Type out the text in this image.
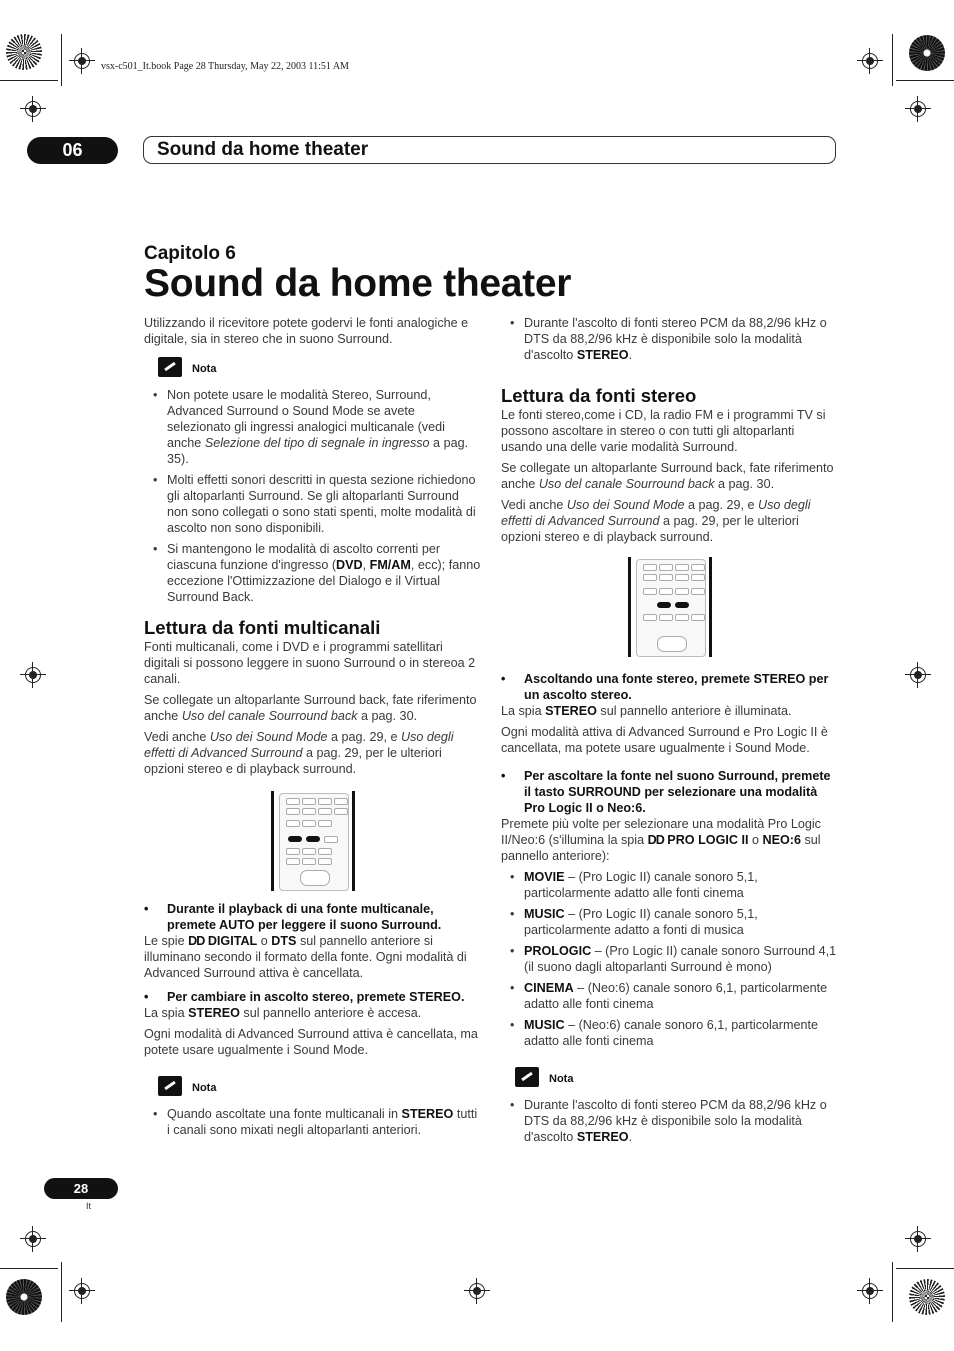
vsx-c501_It.book Page 28 Thursday, May 22, 2003 11:51 AM
06	Sound da home theater
Capitolo 6
Sound da home theater

Utilizzando il ricevitore potete godervi le fonti analogiche e digitale, sia in stereo che in suono Surround.

Nota
• Non potete usare le modalità Stereo, Surround, Advanced Surround o Sound Mode se avete selezionato gli ingressi analogici multicanale (vedi anche Selezione del tipo di segnale in ingresso a pag. 35).
• Molti effetti sonori descritti in questa sezione richiedono gli altoparlanti Surround. Se gli altoparlanti Surround non sono collegati o sono stati spenti, molte modalità di ascolto non sono disponibili.
• Si mantengono le modalità di ascolto correnti per ciascuna funzione d'ingresso (DVD, FM/AM, ecc); fanno eccezione l'Ottimizzazione del Dialogo e il Virtual Surround Back.
Lettura da fonti multicanali

Fonti multicanali, come i DVD e i programmi satellitari digitali si possono leggere in suono Surround o in stereoa 2 canali.

Se collegate un altoparlante Surround back, fate riferimento anche Uso del canale Sourround back a pag. 30.

Vedi anche Uso dei Sound Mode a pag. 29, e Uso degli effetti di Advanced Surround a pag. 29, per le ulteriori opzioni stereo e di playback surround.

• Durante il playback di una fonte multicanale, premete AUTO per leggere il suono Surround.

Le spie DD DIGITAL o DTS sul pannello anteriore si illuminano secondo il formato della fonte. Ogni modalità di Advanced Surround attiva è cancellata.

• Per cambiare in ascolto stereo, premete STEREO.

La spia STEREO sul pannello anteriore è accesa.

Ogni modalità di Advanced Surround attiva è cancellata, ma potete usare ugualmente i Sound Mode.

Nota
• Quando ascoltate una fonte multicanali in STEREO tutti i canali sono mixati negli altoparlanti anteriori.
• Durante l'ascolto di fonti stereo PCM da 88,2/96 kHz o DTS da 88,2/96 kHz è disponibile solo la modalità d'ascolto STEREO.
Lettura da fonti stereo

Le fonti stereo,come i CD, la radio FM e i programmi TV si possono ascoltare in stereo o con tutti gli altoparlanti usando una delle varie modalità Surround.

Se collegate un altoparlante Surround back, fate riferimento anche Uso del canale Sourround back a pag. 30.

Vedi anche Uso dei Sound Mode a pag. 29, e Uso degli effetti di Advanced Surround a pag. 29, per le ulteriori opzioni stereo e di playback surround.

• Ascoltando una fonte stereo, premete STEREO per un ascolto stereo.

La spia STEREO sul pannello anteriore è illuminata.

Ogni modalità attiva di Advanced Surround e Pro Logic II è cancellata, ma potete usare ugualmente i Sound Mode.

• Per ascoltare la fonte nel suono Surround, premete il tasto SURROUND per selezionare una modalità Pro Logic II o Neo:6.

Premete più volte per selezionare una modalità Pro Logic II/Neo:6 (s'illumina la spia DD PRO LOGIC II o NEO:6 sul pannello anteriore):

• MOVIE – (Pro Logic II) canale sonoro 5,1, particolarmente adatto alle fonti cinema
• MUSIC – (Pro Logic II) canale sonoro 5,1, particolarmente adatto a fonti di musica
• PROLOGIC – (Pro Logic II) canale sonoro Surround 4,1 (il suono dagli altoparlanti Surround è mono)
• CINEMA – (Neo:6) canale sonoro 6,1, particolarmente adatto alle fonti cinema
• MUSIC – (Neo:6) canale sonoro 6,1, particolarmente adatto alle fonti cinema
Nota
• Durante l'ascolto di fonti stereo PCM da 88,2/96 kHz o DTS da 88,2/96 kHz è disponibile solo la modalità d'ascolto STEREO.
28
It
